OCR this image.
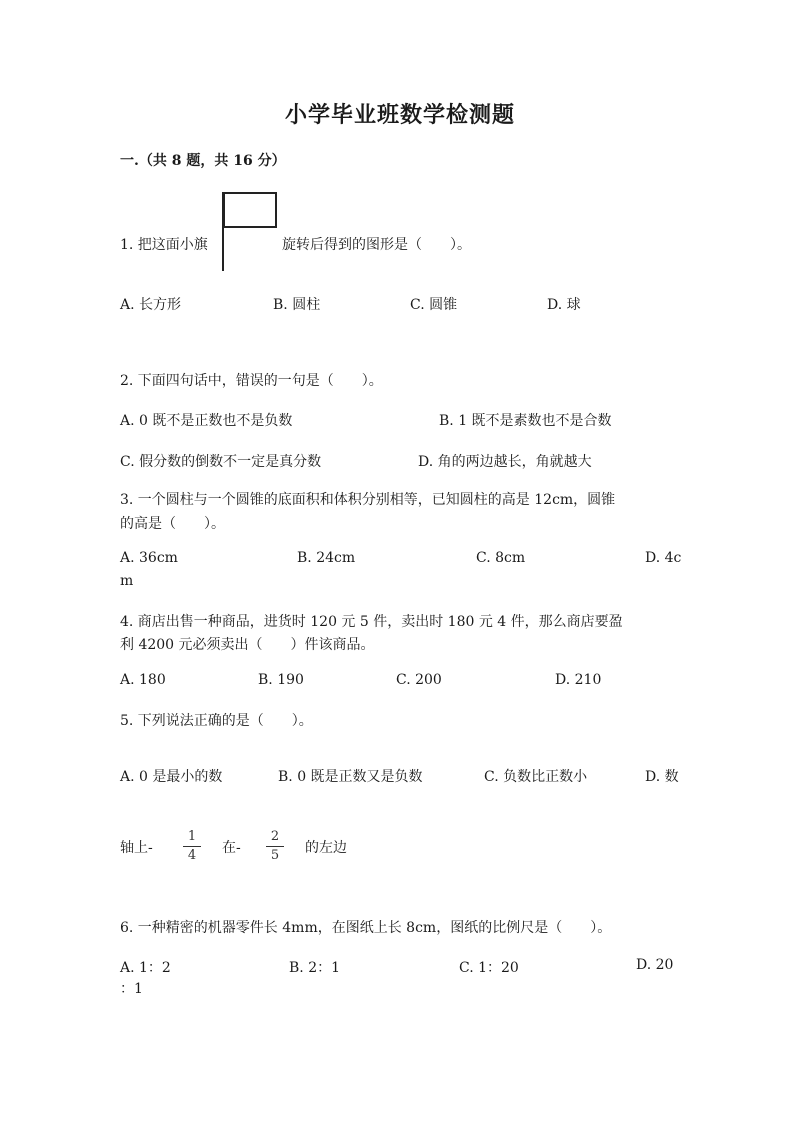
小学毕业班数学检测题
一.（共 8 题，共 16 分）
1. 把这面小旗	旋转后得到的图形是（　　）。
A. 长方形	B. 圆柱	C. 圆锥	D. 球
2. 下面四句话中，错误的一句是（　　）。
A. 0 既不是正数也不是负数	B. 1 既不是素数也不是合数
C. 假分数的倒数不一定是真分数	D. 角的两边越长，角就越大
3. 一个圆柱与一个圆锥的底面积和体积分别相等，已知圆柱的高是 12cm，圆锥
的高是（　　）。
A. 36cm	B. 24cm	C. 8cm	D. 4c
m
4. 商店出售一种商品，进货时 120 元 5 件，卖出时 180 元 4 件，那么商店要盈
利 4200 元必须卖出（　　）件该商品。
A. 180	B. 190	C. 200	D. 210
5. 下列说法正确的是（　　）。
A. 0 是最小的数	B. 0 既是正数又是负数	C. 负数比正数小	D. 数
轴上-
1
4	在-
2
5	的左边
6. 一种精密的机器零件长 4mm，在图纸上长 8cm，图纸的比例尺是（　　）。
A. 1：2	B. 2：1	C. 1：20	D. 20
：1
